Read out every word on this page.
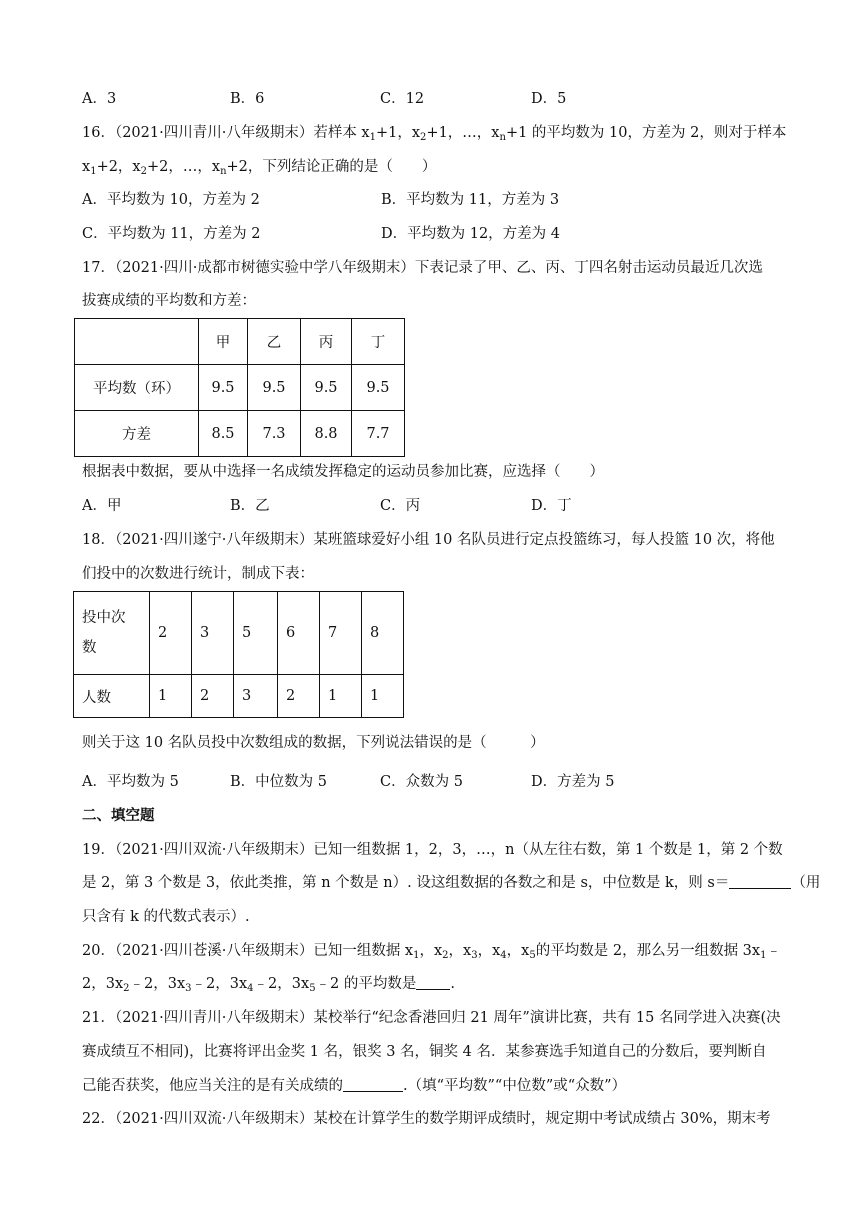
A．3	B．6	C．12	D．5
16．（2021·四川青川·八年级期末）若样本 $x_1+1$，$x_2+1$，…，$x_n+1$ 的平均数为 10，方差为 2，则对于样本
$x_1+2$，$x_2+2$，…，$x_n+2$，下列结论正确的是（　　）
A．平均数为 10，方差为 2	B．平均数为 11，方差为 3
C．平均数为 11，方差为 2	D．平均数为 12，方差为 4
17．（2021·四川·成都市树德实验中学八年级期末）下表记录了甲、乙、丙、丁四名射击运动员最近几次选
拔赛成绩的平均数和方差：
	甲	乙	丙	丁
平均数（环）	9.5	9.5	9.5	9.5
方差	8.5	7.3	8.8	7.7
根据表中数据，要从中选择一名成绩发挥稳定的运动员参加比赛，应选择（　　）
A．甲	B．乙	C．丙	D．丁
18．（2021·四川遂宁·八年级期末）某班篮球爱好小组 10 名队员进行定点投篮练习，每人投篮 10 次，将他
们投中的次数进行统计，制成下表：
投中次
数	2	3	5	6	7	8
人数	1	2	3	2	1	1
则关于这 10 名队员投中次数组成的数据，下列说法错误的是（　　　）
A．平均数为 5	B．中位数为 5	C．众数为 5	D．方差为 5
二、填空题
19．（2021·四川双流·八年级期末）已知一组数据 1，2，3，…，n（从左往右数，第 1 个数是 1，第 2 个数
是 2，第 3 个数是 3，依此类推，第 n 个数是 n）. 设这组数据的各数之和是 s，中位数是 k，则 s＝	（用
只含有 k 的代数式表示）.
20．（2021·四川苍溪·八年级期末）已知一组数据 $x_1$，$x_2$，$x_3$，$x_4$，$x_5$的平均数是 2，那么另一组数据 $3x_1﹣$
2，$3x_2﹣2$，$3x_3﹣2$，$3x_4﹣2$，$3x_5﹣2$ 的平均数是 .
21．（2021·四川青川·八年级期末）某校举行“纪念香港回归 21 周年”演讲比赛，共有 15 名同学进入决赛(决
赛成绩互不相同)，比赛将评出金奖 1 名，银奖 3 名，铜奖 4 名．某参赛选手知道自己的分数后，要判断自
己能否获奖，他应当关注的是有关成绩的	.（填“平均数”“中位数”或“众数”）
22．（2021·四川双流·八年级期末）某校在计算学生的数学期评成绩时，规定期中考试成绩占 30%，期末考
